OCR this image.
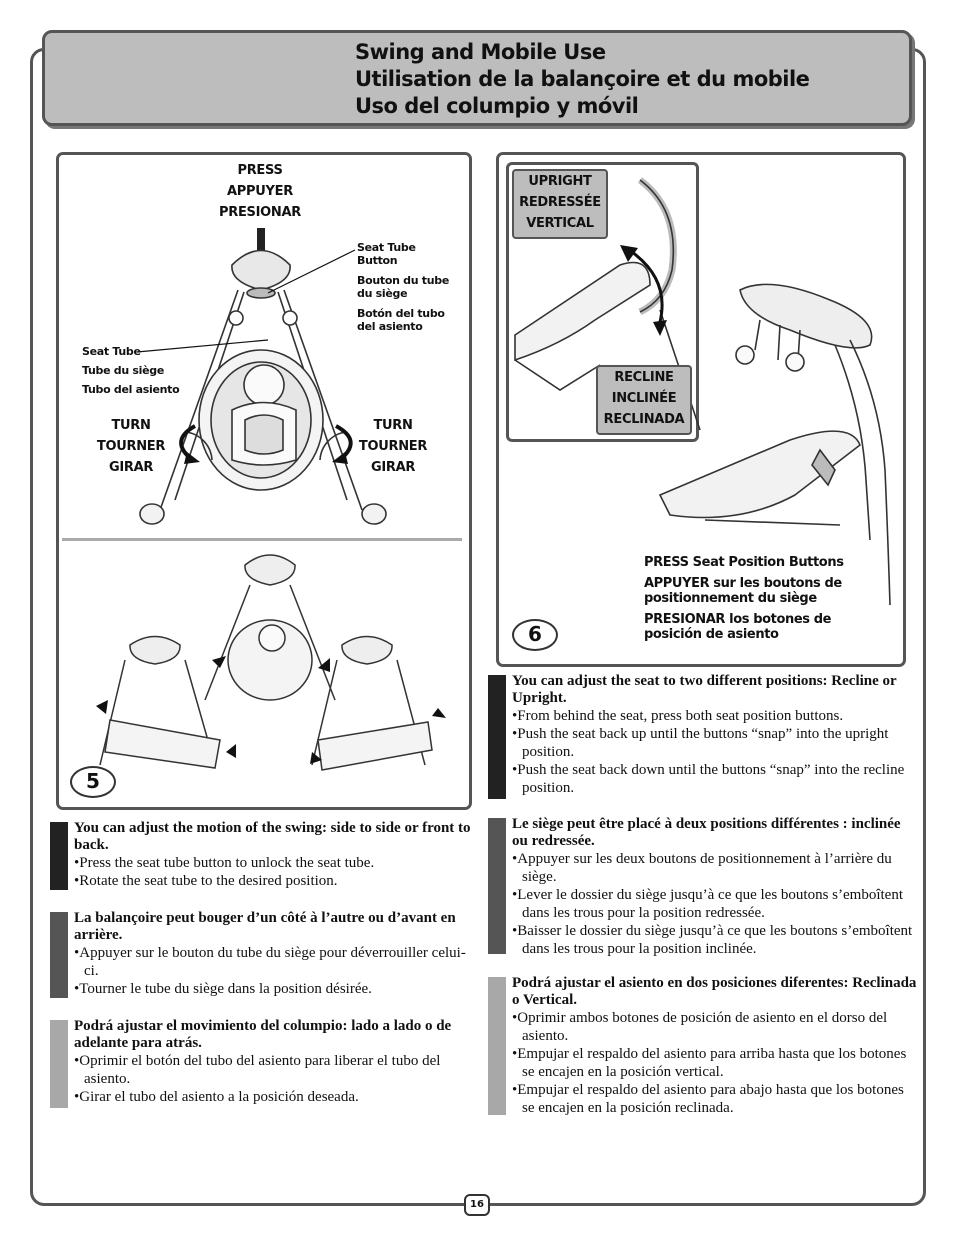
Swing and Mobile Use
Utilisation de la balançoire et du mobile
Uso del columpio y móvil
PRESS
APPUYER
PRESIONAR
Seat Tube Button
Bouton du tube du siège
Botón del tubo del asiento
Seat Tube
Tube du siège
Tubo del asiento
TURN
TOURNER
GIRAR
TURN
TOURNER
GIRAR
5
UPRIGHT
REDRESSÉE
VERTICAL
RECLINE
INCLINÉE
RECLINADA
PRESS Seat Position Buttons
APPUYER sur les boutons de positionnement du siège
PRESIONAR los botones de posición de asiento
6
You can adjust the motion of the swing: side to side or front to back.
• Press the seat tube button to unlock the seat tube.
• Rotate the seat tube to the desired position.
La balançoire peut bouger d’un côté à l’autre ou d’avant en arrière.
• Appuyer sur le bouton du tube du siège pour déverrouiller celui-ci.
• Tourner le tube du siège dans la position désirée.
Podrá ajustar el movimiento del columpio: lado a lado o de adelante para atrás.
• Oprimir el botón del tubo del asiento para liberar el tubo del asiento.
• Girar el tubo del asiento a la posición deseada.
You can adjust the seat to two different positions: Recline or Upright.
• From behind the seat, press both seat position buttons.
• Push the seat back up until the buttons “snap” into the upright position.
• Push the seat back down until the buttons “snap” into the recline position.
Le siège peut être placé à deux positions différentes : inclinée ou redressée.
• Appuyer sur les deux boutons de positionnement à l’arrière du siège.
• Lever le dossier du siège jusqu’à ce que les boutons s’emboîtent dans les trous pour la position redressée.
• Baisser le dossier du siège jusqu’à ce que les boutons s’emboîtent dans les trous pour la position inclinée.
Podrá ajustar el asiento en dos posiciones diferentes: Reclinada o Vertical.
• Oprimir ambos botones de posición de asiento en el dorso del asiento.
• Empujar el respaldo del asiento para arriba hasta que los botones se encajen en la posición vertical.
• Empujar el respaldo del asiento para abajo hasta que los botones se encajen en la posición reclinada.
16
